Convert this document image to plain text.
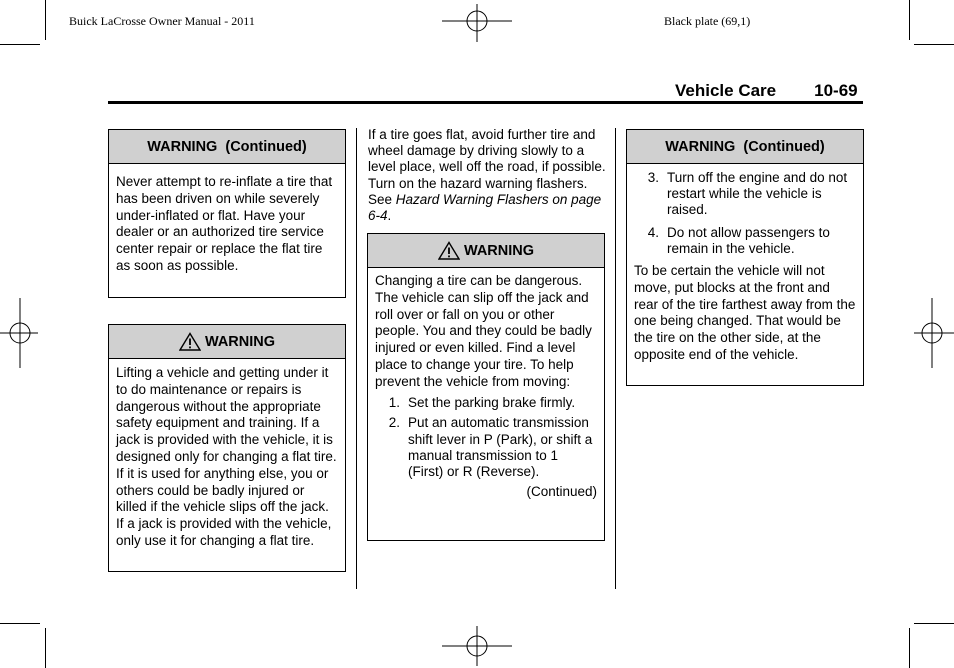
Buick LaCrosse Owner Manual - 2011	Black plate (69,1)
Vehicle Care 10-69
WARNING  (Continued)
Never attempt to re-inflate a tire that has been driven on while severely under-inflated or flat. Have your dealer or an authorized tire service center repair or replace the flat tire as soon as possible.
WARNING
Lifting a vehicle and getting under it to do maintenance or repairs is dangerous without the appropriate safety equipment and training. If a jack is provided with the vehicle, it is designed only for changing a flat tire. If it is used for anything else, you or others could be badly injured or killed if the vehicle slips off the jack. If a jack is provided with the vehicle, only use it for changing a flat tire.
If a tire goes flat, avoid further tire and wheel damage by driving slowly to a level place, well off the road, if possible. Turn on the hazard warning flashers. See Hazard Warning Flashers on page 6-4.
WARNING
Changing a tire can be dangerous. The vehicle can slip off the jack and roll over or fall on you or other people. You and they could be badly injured or even killed. Find a level place to change your tire. To help prevent the vehicle from moving:
1. Set the parking brake firmly.
2. Put an automatic transmission shift lever in P (Park), or shift a manual transmission to 1 (First) or R (Reverse).
(Continued)
WARNING  (Continued)
3. Turn off the engine and do not restart while the vehicle is raised.
4. Do not allow passengers to remain in the vehicle.
To be certain the vehicle will not move, put blocks at the front and rear of the tire farthest away from the one being changed. That would be the tire on the other side, at the opposite end of the vehicle.
